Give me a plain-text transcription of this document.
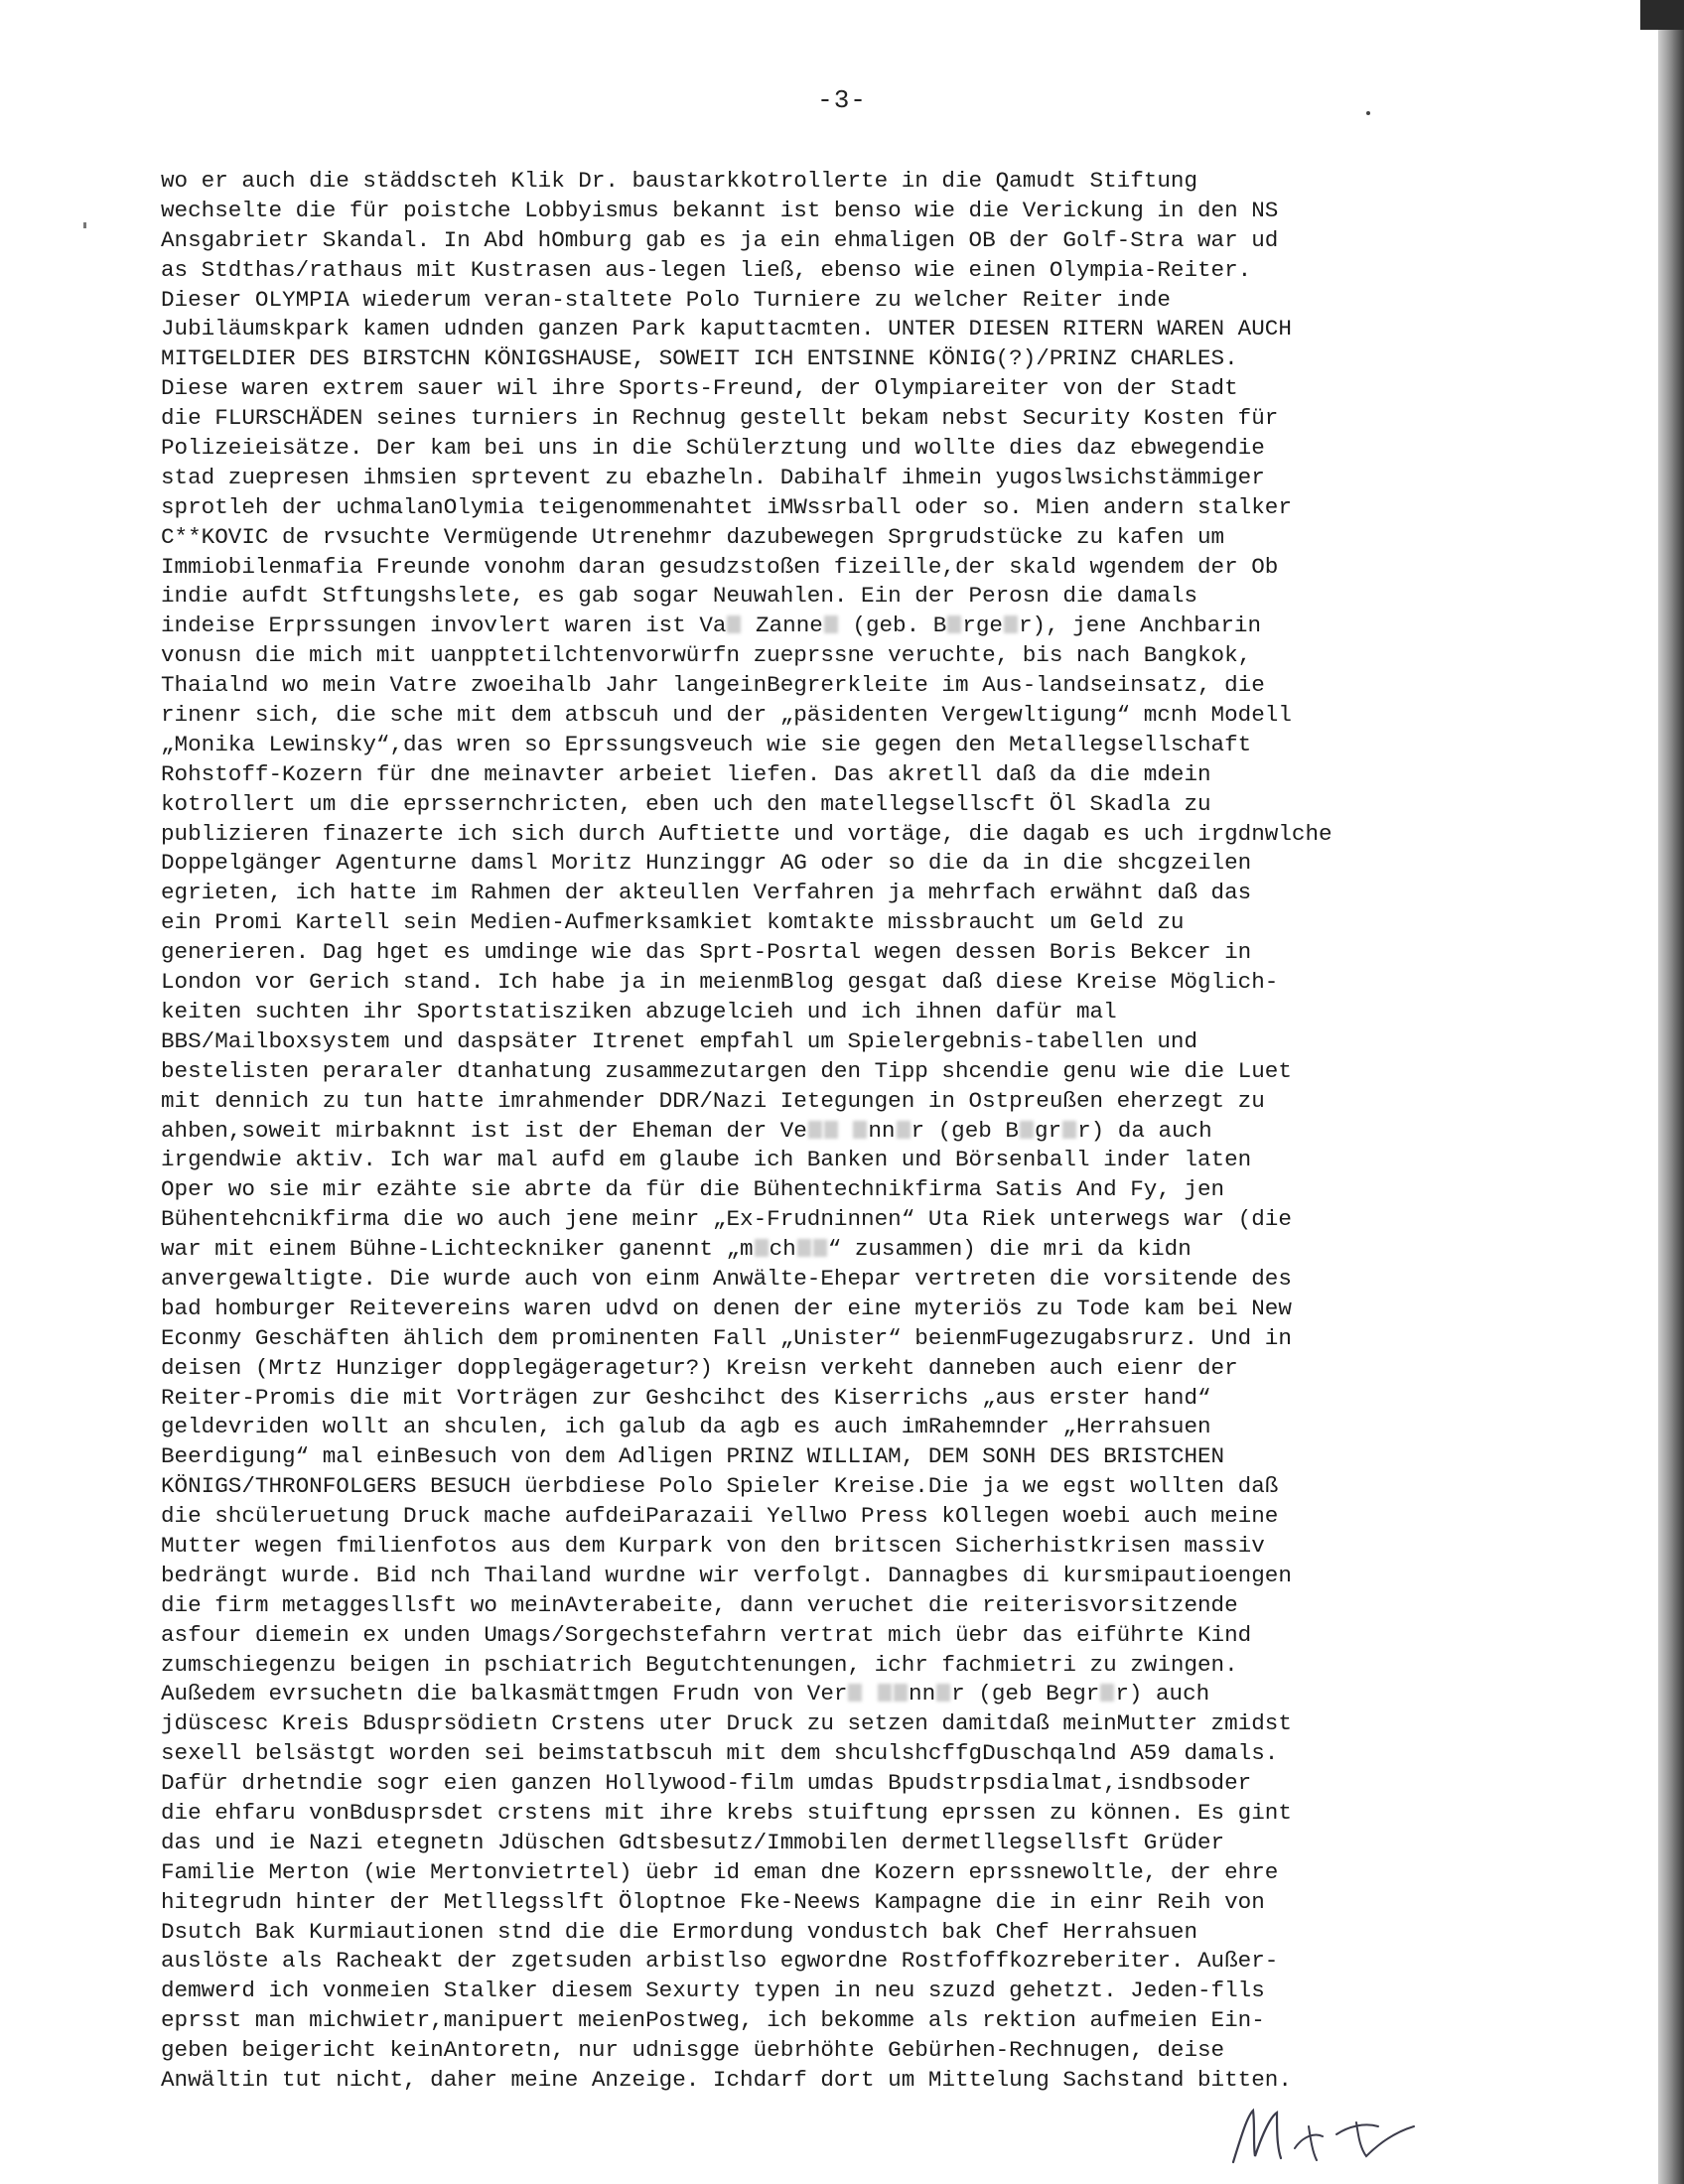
-3-
wo er auch die städdscteh Klik Dr. baustarkkotrollerte in die Qamudt Stiftung
wechselte die für poistche Lobbyismus bekannt ist benso wie die Verickung in den NS
Ansgabrietr Skandal. In Abd hOmburg gab es ja ein ehmaligen OB der Golf-Stra war ud
as Stdthas/rathaus mit Kustrasen aus-legen ließ, ebenso wie einen Olympia-Reiter.
Dieser OLYMPIA wiederum veran-staltete Polo Turniere zu welcher Reiter inde
Jubiläumskpark kamen udnden ganzen Park kaputtacmten. UNTER DIESEN RITERN WAREN AUCH
MITGELDIER DES BIRSTCHN KÖNIGSHAUSE, SOWEIT ICH ENTSINNE KÖNIG(?)/PRINZ CHARLES.
Diese waren extrem sauer wil ihre Sports-Freund, der Olympiareiter von der Stadt
die FLURSCHÄDEN seines turniers in Rechnug gestellt bekam nebst Security Kosten für
Polizeieisätze. Der kam bei uns in die Schülerztung und wollte dies daz ebwegendie
stad zuepresen ihmsien sprtevent zu ebazheln. Dabihalf ihmein yugoslwsichstämmiger
sprotleh der uchmalanOlymia teigenommenahtet iMWssrball oder so. Mien andern stalker
C**KOVIC de rvsuchte Vermügende Utrenehmr dazubewegen Sprgrudstücke zu kafen um
Immiobilenmafia Freunde vonohm daran gesudzstoßen fizeille,der skald wgendem der Ob
indie aufdt Stftungshslete, es gab sogar Neuwahlen. Ein der Perosn die damals
indeise Erprssungen invovlert waren ist Va Zanne (geb. B rge r), jene Anchbarin
vonusn die mich mit uanpptetilchtenvorwürfn zueprssne veruchte, bis nach Bangkok,
Thaialnd wo mein Vatre zwoeihalb Jahr langeinBegrerkleite im Aus-landseinsatz, die
rinenr sich, die sche mit dem atbscuh und der „päsidenten Vergewltigung“ mcnh Modell
„Monika Lewinsky“,das wren so Eprssungsveuch wie sie gegen den Metallegsellschaft
Rohstoff-Kozern für dne meinavter arbeiet liefen. Das akretll daß da die mdein
kotrollert um die eprssernchricten, eben uch den matellegsellscft Öl Skadla zu
publizieren finazerte ich sich durch Auftiette und vortäge, die dagab es uch irgdnwlche
Doppelgänger Agenturne damsl Moritz Hunzinggr AG oder so die da in die shcgzeilen
egrieten, ich hatte im Rahmen der akteullen Verfahren ja mehrfach erwähnt daß das
ein Promi Kartell sein Medien-Aufmerksamkiet komtakte missbraucht um Geld zu
generieren. Dag hget es umdinge wie das Sprt-Posrtal wegen dessen Boris Bekcer in
London vor Gerich stand. Ich habe ja in meienmBlog gesgat daß diese Kreise Möglich-
keiten suchten ihr Sportstatisziken abzugelcieh und ich ihnen dafür mal
BBS/Mailboxsystem und daspsäter Itrenet empfahl um Spielergebnis-tabellen und
bestelisten peraraler dtanhatung zusammezutargen den Tipp shcendie genu wie die Luet
mit dennich zu tun hatte imrahmender DDR/Nazi Ietegungen in Ostpreußen eherzegt zu
ahben,soweit mirbaknnt ist ist der Eheman der Ve	nn r (geb B gr r) da auch
irgendwie aktiv. Ich war mal aufd em glaube ich Banken und Börsenball inder laten
Oper wo sie mir ezähte sie abrte da für die Bühentechnikfirma Satis And Fy, jen
Bühentehcnikfirma die wo auch jene meinr „Ex-Frudninnen“ Uta Riek unterwegs war (die
war mit einem Bühne-Lichteckniker ganennt „m ch “ zusammen) die mri da kidn
anvergewaltigte. Die wurde auch von einm Anwälte-Ehepar vertreten die vorsitende des
bad homburger Reitevereins waren udvd on denen der eine myteriös zu Tode kam bei New
Econmy Geschäften ählich dem prominenten Fall „Unister“ beienmFugezugabsrurz. Und in
deisen (Mrtz Hunziger dopplegägeragetur?) Kreisn verkeht danneben auch eienr der
Reiter-Promis die mit Vorträgen zur Geshcihct des Kiserrichs „aus erster hand“
geldevriden wollt an shculen, ich galub da agb es auch imRahemnder „Herrahsuen
Beerdigung“ mal einBesuch von dem Adligen PRINZ WILLIAM, DEM SONH DES BRISTCHEN
KÖNIGS/THRONFOLGERS BESUCH üerbdiese Polo Spieler Kreise.Die ja we egst wollten daß
die shcüleruetung Druck mache aufdeiParazaii Yellwo Press kOllegen woebi auch meine
Mutter wegen fmilienfotos aus dem Kurpark von den britscen Sicherhistkrisen massiv
bedrängt wurde. Bid nch Thailand wurdne wir verfolgt. Dannagbes di kursmipautioengen
die firm metaggesllsft wo meinAvterabeite, dann veruchet die reiterisvorsitzende
asfour diemein ex unden Umags/Sorgechstefahrn vertrat mich üebr das eiführte Kind
zumschiegenzu beigen in pschiatrich Begutchtenungen, ichr fachmietri zu zwingen.
Außedem evrsuchetn die balkasmättmgen Frudn von Ver	nn r (geb Begr r) auch
jdüscesc Kreis Bdusprsödietn Crstens uter Druck zu setzen damitdaß meinMutter zmidst
sexell belsästgt worden sei beimstatbscuh mit dem shculshcffgDuschqalnd A59 damals.
Dafür drhetndie sogr eien ganzen Hollywood-film umdas Bpudstrpsdialmat,isndbsoder
die ehfaru vonBdusprsdet crstens mit ihre krebs stuiftung eprssen zu können. Es gint
das und ie Nazi etegnetn Jdüschen Gdtsbesutz/Immobilen dermetllegsellsft Grüder
Familie Merton (wie Mertonvietrtel) üebr id eman dne Kozern eprssnewoltle, der ehre
hitegrudn hinter der Metllegsslft Öloptnoe Fke-Neews Kampagne die in einr Reih von
Dsutch Bak Kurmiautionen stnd die die Ermordung vondustch bak Chef Herrahsuen
auslöste als Racheakt der zgetsuden arbistlso egwordne Rostfoffkozreberiter. Außer-
demwerd ich vonmeien Stalker diesem Sexurty typen in neu szuzd gehetzt. Jeden-flls
eprsst man michwietr,manipuert meienPostweg, ich bekomme als rektion aufmeien Ein-
geben beigericht keinAntoretn, nur udnisgge üebrhöhte Gebürhen-Rechnugen, deise
Anwältin tut nicht, daher meine Anzeige. Ichdarf dort um Mittelung Sachstand bitten.
